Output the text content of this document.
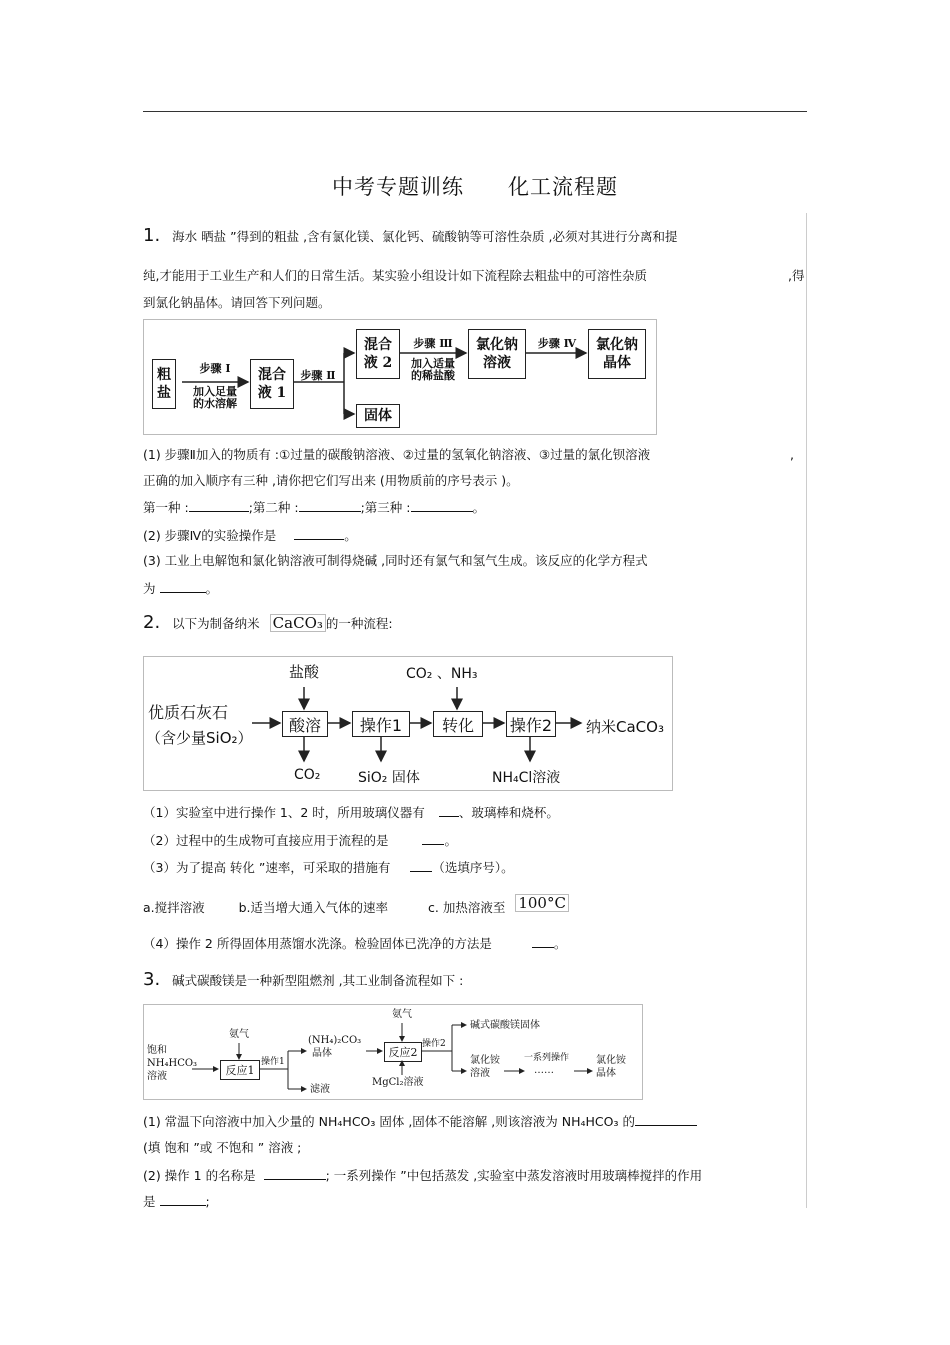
中考专题训练 化工流程题
1. 海水 晒盐 ”得到的粗盐 ,含有氯化镁、氯化钙、硫酸钠等可溶性杂质 ,必须对其进行分离和提
纯,才能用于工业生产和人们的日常生活。某实验小组设计如下流程除去粗盐中的可溶性杂质	,得
到氯化钠晶体。请回答下列问题。
粗
盐
步骤 Ⅰ
加入足量
的水溶解
混合
液 1
步骤 Ⅱ
混合
液 2
步骤 Ⅲ
加入适量
的稀盐酸
氯化钠
溶液
步骤 Ⅳ	氯化钠
晶体
固体
(1) 步骤Ⅱ加入的物质有 :①过量的碳酸钠溶液、②过量的氢氧化钠溶液、③过量的氯化钡溶液	,
正确的加入顺序有三种 ,请你把它们写出来 (用物质前的序号表示 )。
第一种 :	;第二种 :	;第三种 :	。
(2) 步骤Ⅳ的实验操作是	。
(3) 工业上电解饱和氯化钠溶液可制得烧碱 ,同时还有氯气和氢气生成。该反应的化学方程式
为	。
2. 以下为制备纳米 CaCO₃ 的一种流程:
盐酸	CO₂ 、NH₃
优质石灰石
（含少量SiO₂）
酸溶	操作1	转化	操作2 纳米CaCO₃
CO₂	SiO₂ 固体	NH₄Cl溶液
（1）实验室中进行操作 1、2 时，所用玻璃仪器有	、玻璃棒和烧杯。
（2）过程中的生成物可直接应用于流程的是	。
（3）为了提高 转化 ”速率，可采取的措施有	（选填序号）。
a.搅拌溶液	b.适当增大通入气体的速率	c. 加热溶液至 100°C
（4）操作 2 所得固体用蒸馏水洗涤。检验固体已洗净的方法是	。
3. 碱式碳酸镁是一种新型阻燃剂 ,其工业制备流程如下 :
饱和
NH₄HCO₃
溶液
氨气
反应1
操作1
(NH₄)₂CO₃
晶体
滤液
氨气
反应2
MgCl₂溶液
操作2
碱式碳酸镁固体
氯化铵
溶液
一系列操作
……
氯化铵
晶体
(1) 常温下向溶液中加入少量的 NH₄HCO₃ 固体 ,固体不能溶解 ,则该溶液为 NH₄HCO₃ 的
(填 饱和 ”或 不饱和 ” 溶液 ;
(2) 操作 1 的名称是	; 一系列操作 ”中包括蒸发 ,实验室中蒸发溶液时用玻璃棒搅拌的作用
是	;
